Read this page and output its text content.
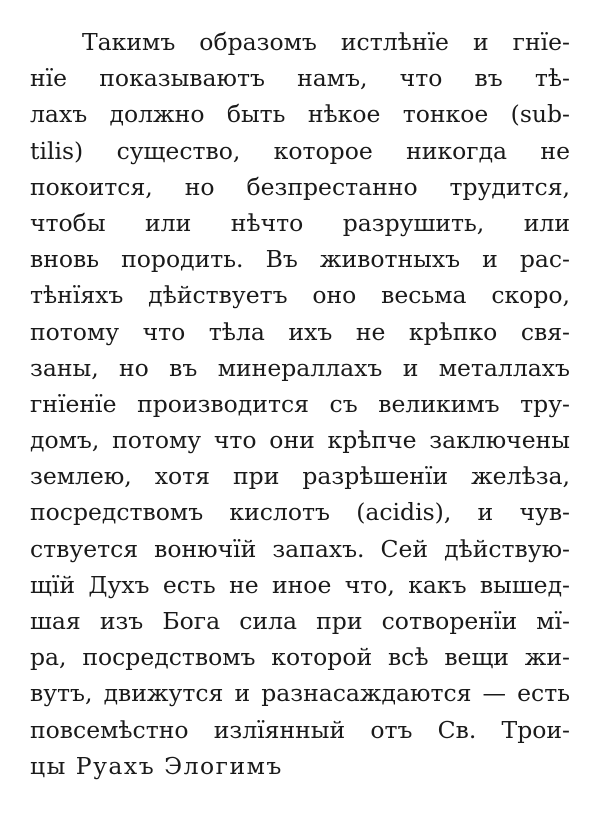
Такимъ образомъ истлѣнїе и гнїе-
нїе показываютъ намъ, что въ тѣ-
лахъ должно быть нѣкое тонкое (sub-
tilis) существо, которое никогда не
покоится, но безпрестанно трудится,
чтобы или нѣчто разрушить, или
вновь породить. Въ животныхъ и рас-
тѣнїяхъ дѣйствуетъ оно весьма скоро,
потому что тѣла ихъ не крѣпко свя-
заны, но въ минераллахъ и металлахъ
гнїенїе производится съ великимъ тру-
домъ, потому что они крѣпче заключены
землею, хотя при разрѣшенїи желѣза,
посредствомъ кислотъ (acidis), и чув-
ствуется вонючїй запахъ. Сей дѣйствую-
щїй Духъ есть не иное что, какъ вышед-
шая изъ Бога сила при сотворенїи мї-
ра, посредствомъ которой всѣ вещи жи-
вутъ, движутся и разнасаждаются — есть
повсемѣстно излїянный отъ Св. Трои-
цы Руахъ Элогимъ
